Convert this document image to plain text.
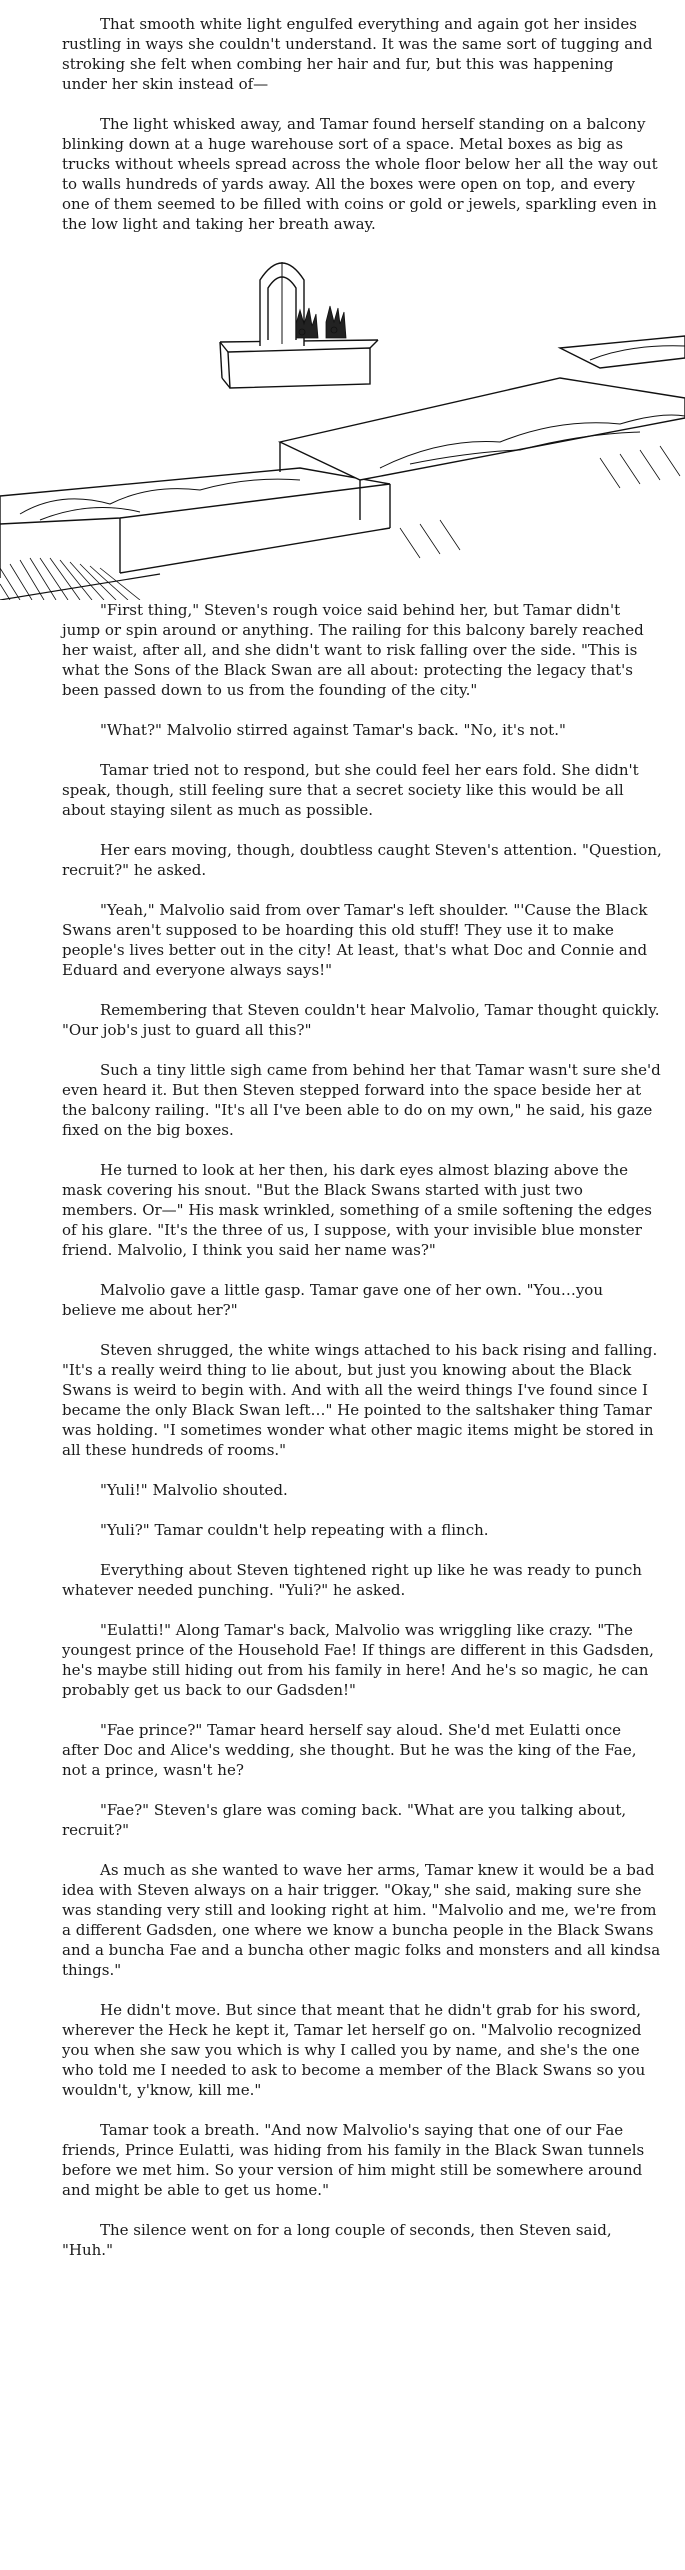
That smooth white light engulfed everything and again got her insides rustling in ways she couldn't understand. It was the same sort of tugging and stroking she felt when combing her hair and fur, but this was happening under her skin instead of—

The light whisked away, and Tamar found herself standing on a balcony blinking down at a huge warehouse sort of a space. Metal boxes as big as trucks without wheels spread across the whole floor below her all the way out to walls hundreds of yards away. All the boxes were open on top, and every one of them seemed to be filled with coins or gold or jewels, sparkling even in the low light and taking her breath away.

"First thing," Steven's rough voice said behind her, but Tamar didn't jump or spin around or anything. The railing for this balcony barely reached her waist, after all, and she didn't want to risk falling over the side. "This is what the Sons of the Black Swan are all about: protecting the legacy that's been passed down to us from the founding of the city."

"What?" Malvolio stirred against Tamar's back. "No, it's not."

Tamar tried not to respond, but she could feel her ears fold. She didn't speak, though, still feeling sure that a secret society like this would be all about staying silent as much as possible.

Her ears moving, though, doubtless caught Steven's attention. "Question, recruit?" he asked.

"Yeah," Malvolio said from over Tamar's left shoulder. "'Cause the Black Swans aren't supposed to be hoarding this old stuff! They use it to make people's lives better out in the city! At least, that's what Doc and Connie and Eduard and everyone always says!"

Remembering that Steven couldn't hear Malvolio, Tamar thought quickly. "Our job's just to guard all this?"

Such a tiny little sigh came from behind her that Tamar wasn't sure she'd even heard it. But then Steven stepped forward into the space beside her at the balcony railing. "It's all I've been able to do on my own," he said, his gaze fixed on the big boxes.

He turned to look at her then, his dark eyes almost blazing above the mask covering his snout. "But the Black Swans started with just two members. Or—" His mask wrinkled, something of a smile softening the edges of his glare. "It's the three of us, I suppose, with your invisible blue monster friend. Malvolio, I think you said her name was?"

Malvolio gave a little gasp. Tamar gave one of her own. "You…you believe me about her?"

Steven shrugged, the white wings attached to his back rising and falling. "It's a really weird thing to lie about, but just you knowing about the Black Swans is weird to begin with. And with all the weird things I've found since I became the only Black Swan left…" He pointed to the saltshaker thing Tamar was holding. "I sometimes wonder what other magic items might be stored in all these hundreds of rooms."

"Yuli!" Malvolio shouted.

"Yuli?" Tamar couldn't help repeating with a flinch.

Everything about Steven tightened right up like he was ready to punch whatever needed punching. "Yuli?" he asked.

"Eulatti!" Along Tamar's back, Malvolio was wriggling like crazy. "The youngest prince of the Household Fae! If things are different in this Gadsden, he's maybe still hiding out from his family in here! And he's so magic, he can probably get us back to our Gadsden!"

"Fae prince?" Tamar heard herself say aloud. She'd met Eulatti once after Doc and Alice's wedding, she thought. But he was the king of the Fae, not a prince, wasn't he?

"Fae?" Steven's glare was coming back. "What are you talking about, recruit?"

As much as she wanted to wave her arms, Tamar knew it would be a bad idea with Steven always on a hair trigger. "Okay," she said, making sure she was standing very still and looking right at him. "Malvolio and me, we're from a different Gadsden, one where we know a buncha people in the Black Swans and a buncha Fae and a buncha other magic folks and monsters and all kindsa things."

He didn't move. But since that meant that he didn't grab for his sword, wherever the Heck he kept it, Tamar let herself go on. "Malvolio recognized you when she saw you which is why I called you by name, and she's the one who told me I needed to ask to become a member of the Black Swans so you wouldn't, y'know, kill me."

Tamar took a breath. "And now Malvolio's saying that one of our Fae friends, Prince Eulatti, was hiding from his family in the Black Swan tunnels before we met him. So your version of him might still be somewhere around and might be able to get us home."

The silence went on for a long couple of seconds, then Steven said, "Huh."
